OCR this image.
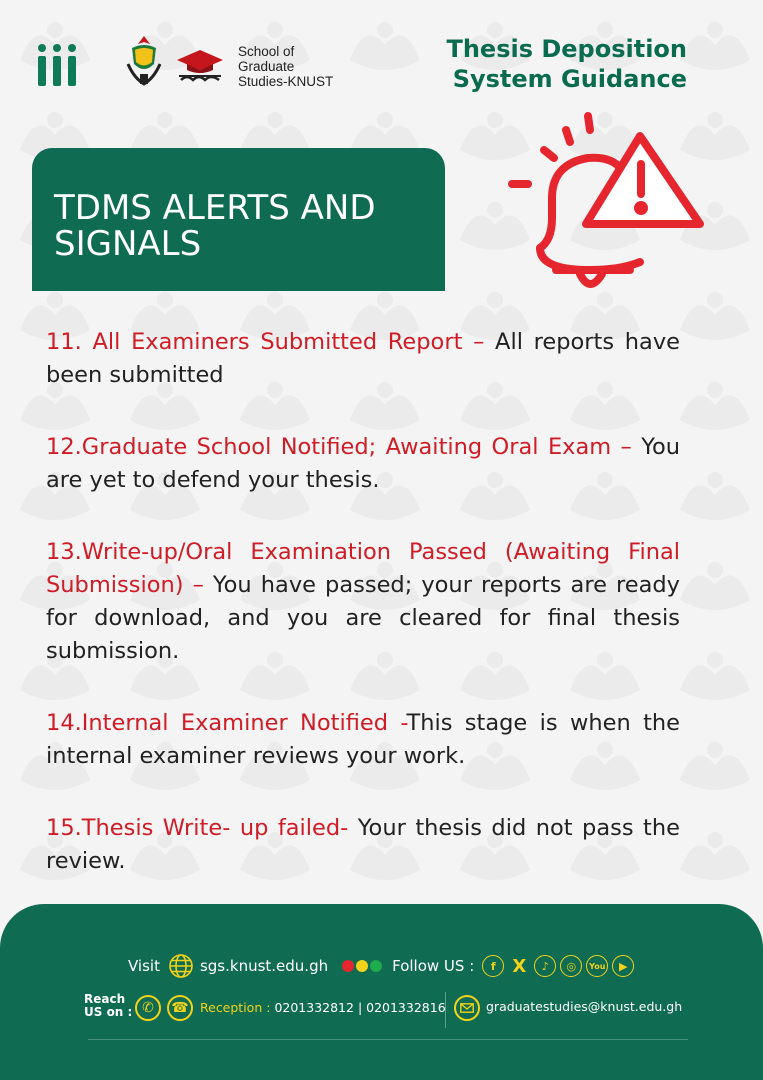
School of
Graduate
Studies-KNUST
Thesis Deposition
System Guidance
TDMS ALERTS AND
SIGNALS
11. All Examiners Submitted Report – All reports have been submitted
12.Graduate School Notified; Awaiting Oral Exam – You are yet to defend your thesis.
13.Write-up/Oral Examination Passed (Awaiting Final Submission) – You have passed; your reports are ready for download, and you are cleared for final thesis submission.
14.Internal Examiner Notified -This stage is when the internal examiner reviews your work.
15.Thesis Write- up failed- Your thesis did not pass the review.
Visit	sgs.knust.edu.gh	Follow US :	f X	♪	◎	You	▶
Reach
US on : ✆	☎ Reception : 0201332812 | 0201332816	graduatestudies@knust.edu.gh
